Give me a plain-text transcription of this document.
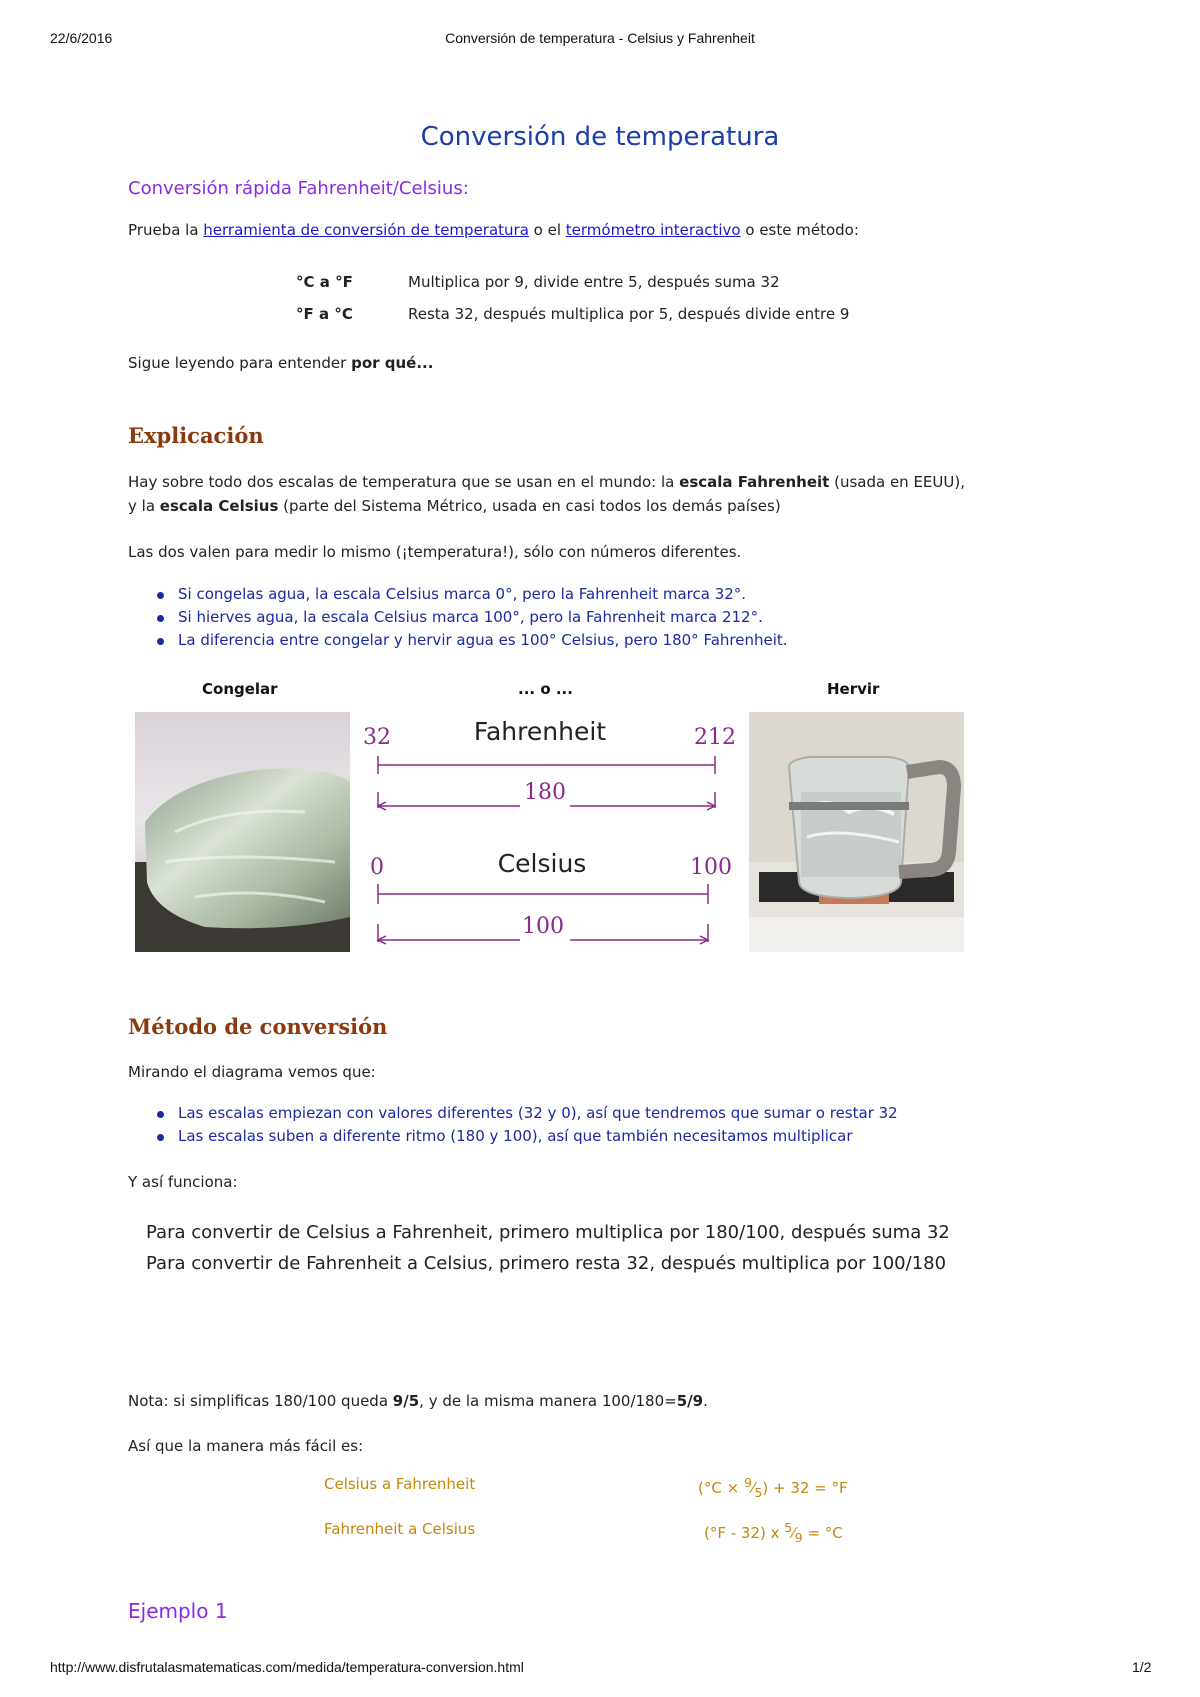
22/6/2016	Conversión de temperatura - Celsius y Fahrenheit
Conversión de temperatura
Conversión rápida Fahrenheit/Celsius:
Prueba la herramienta de conversión de temperatura o el termómetro interactivo o este método:
°C a °F	Multiplica por 9, divide entre 5, después suma 32
°F a °C	Resta 32, después multiplica por 5, después divide entre 9
Sigue leyendo para entender por qué...
Explicación
Hay sobre todo dos escalas de temperatura que se usan en el mundo: la escala Fahrenheit (usada en EEUU),
y la escala Celsius (parte del Sistema Métrico, usada en casi todos los demás países)
Las dos valen para medir lo mismo (¡temperatura!), sólo con números diferentes.
Si congelas agua, la escala Celsius marca 0°, pero la Fahrenheit marca 32°.
Si hierves agua, la escala Celsius marca 100°, pero la Fahrenheit marca 212°.
La diferencia entre congelar y hervir agua es 100° Celsius, pero 180° Fahrenheit.
Congelar	... o ...	Hervir
32	Fahrenheit	212
180
0	Celsius	100
100
Método de conversión
Mirando el diagrama vemos que:
Las escalas empiezan con valores diferentes (32 y 0), así que tendremos que sumar o restar 32
Las escalas suben a diferente ritmo (180 y 100), así que también necesitamos multiplicar
Y así funciona:
Para convertir de Celsius a Fahrenheit, primero multiplica por 180/100, después suma 32
Para convertir de Fahrenheit a Celsius, primero resta 32, después multiplica por 100/180
Nota: si simplificas 180/100 queda 9/5, y de la misma manera 100/180=5/9.
Así que la manera más fácil es:
Celsius a Fahrenheit	$(^\circ C \times ^9⁄_5) + 32 = ^\circ F$
Fahrenheit a Celsius	(°F - 32) x $^5⁄_9 = ^\circ C$
Ejemplo 1
http://www.disfrutalasmatematicas.com/medida/temperatura-conversion.html	1/2
